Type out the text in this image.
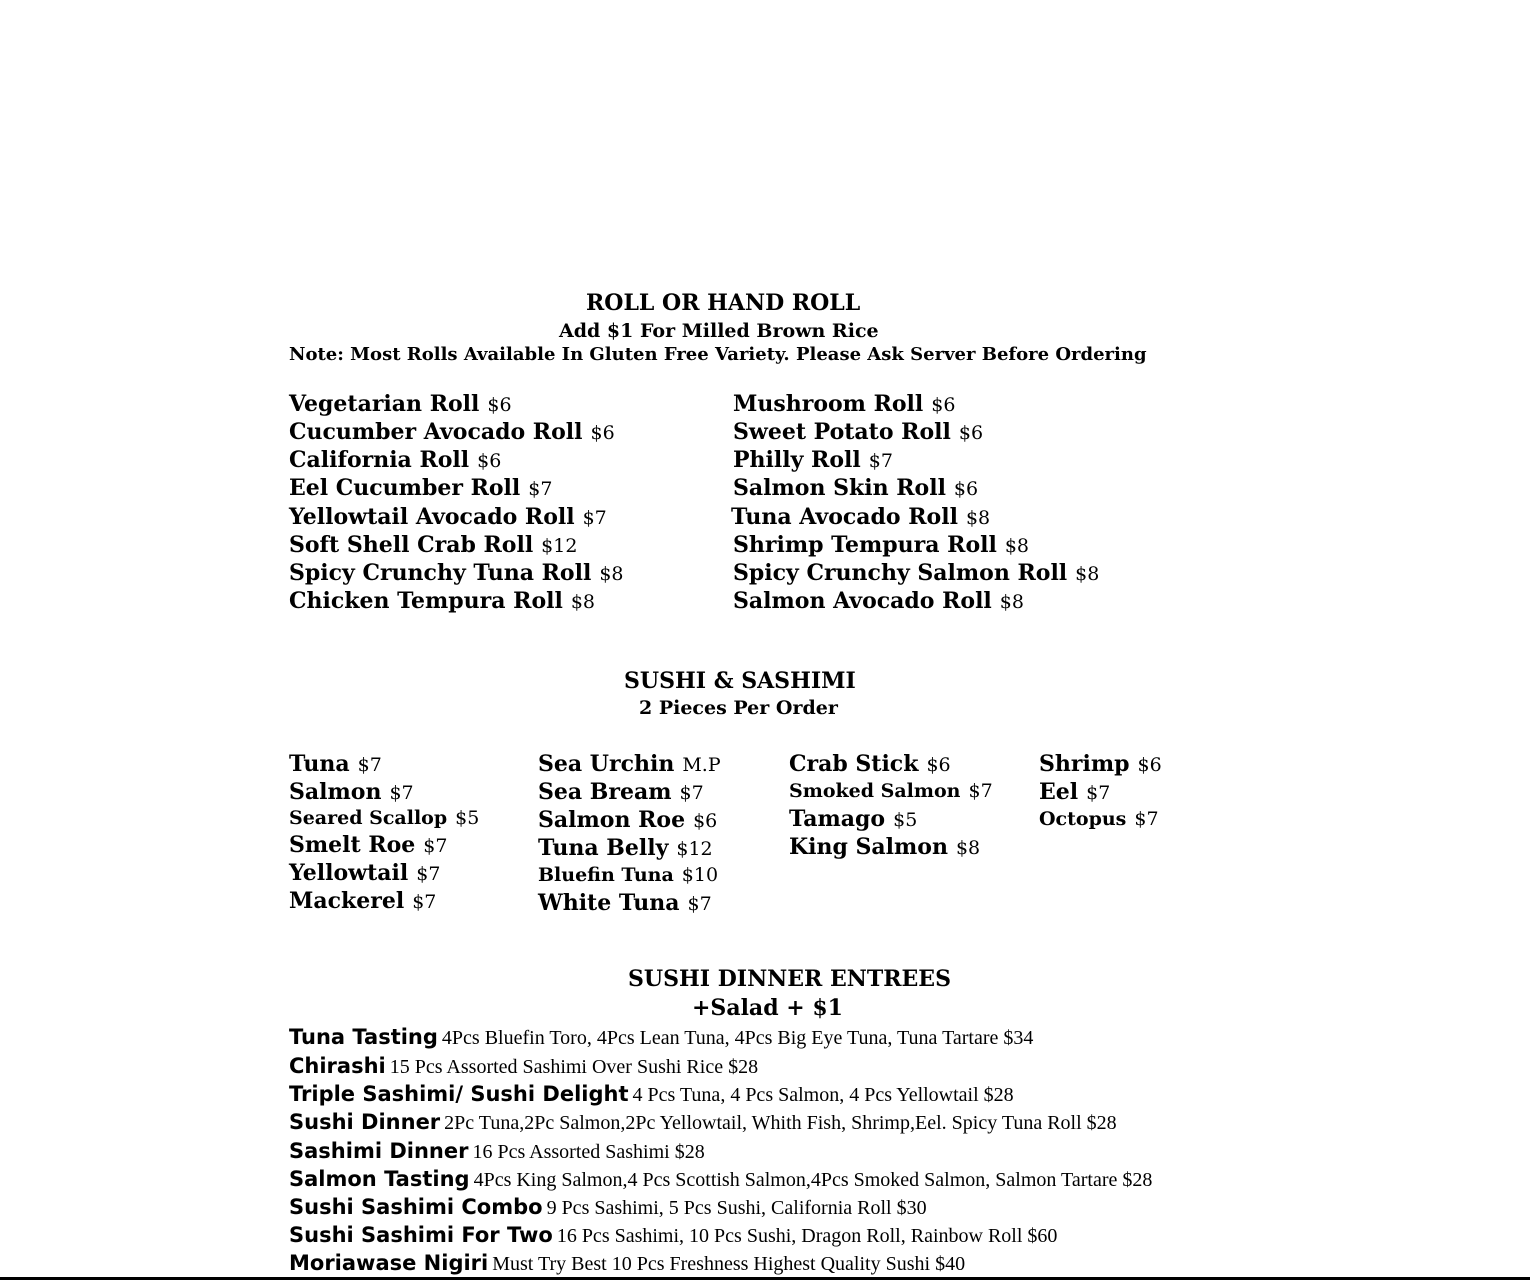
ROLL OR HAND ROLL
Add $1 For Milled Brown Rice
Note: Most Rolls Available In Gluten Free Variety. Please Ask Server Before Ordering
Vegetarian Roll $6
Cucumber Avocado Roll $6
California Roll $6
Eel Cucumber Roll $7
Yellowtail Avocado Roll $7
Soft Shell Crab Roll $12
Spicy Crunchy Tuna Roll $8
Chicken Tempura Roll $8
Mushroom Roll $6
Sweet Potato Roll $6
Philly Roll $7
Salmon Skin Roll $6
Tuna Avocado Roll $8
Shrimp Tempura Roll $8
Spicy Crunchy Salmon Roll $8
Salmon Avocado Roll $8
SUSHI & SASHIMI
2 Pieces Per Order
Tuna $7
Salmon $7
Seared Scallop $5
Smelt Roe $7
Yellowtail $7
Mackerel $7
Sea Urchin M.P
Sea Bream $7
Salmon Roe $6
Tuna Belly $12
Bluefin Tuna $10
White Tuna $7
Crab Stick $6
Smoked Salmon $7
Tamago $5
King Salmon $8
Shrimp $6
Eel $7
Octopus $7
SUSHI DINNER ENTREES
+Salad + $1
Tuna Tasting 4Pcs Bluefin Toro, 4Pcs Lean Tuna, 4Pcs Big Eye Tuna, Tuna Tartare $34
Chirashi 15 Pcs Assorted Sashimi Over Sushi Rice $28
Triple Sashimi/ Sushi Delight 4 Pcs Tuna, 4 Pcs Salmon, 4 Pcs Yellowtail $28
Sushi Dinner 2Pc Tuna,2Pc Salmon,2Pc Yellowtail, Whith Fish, Shrimp,Eel. Spicy Tuna Roll $28
Sashimi Dinner 16 Pcs Assorted Sashimi $28
Salmon Tasting 4Pcs King Salmon,4 Pcs Scottish Salmon,4Pcs Smoked Salmon, Salmon Tartare $28
Sushi Sashimi Combo 9 Pcs Sashimi, 5 Pcs Sushi, California Roll $30
Sushi Sashimi For Two 16 Pcs Sashimi, 10 Pcs Sushi, Dragon Roll, Rainbow Roll $60
Moriawase Nigiri Must Try Best 10 Pcs Freshness Highest Quality Sushi $40
